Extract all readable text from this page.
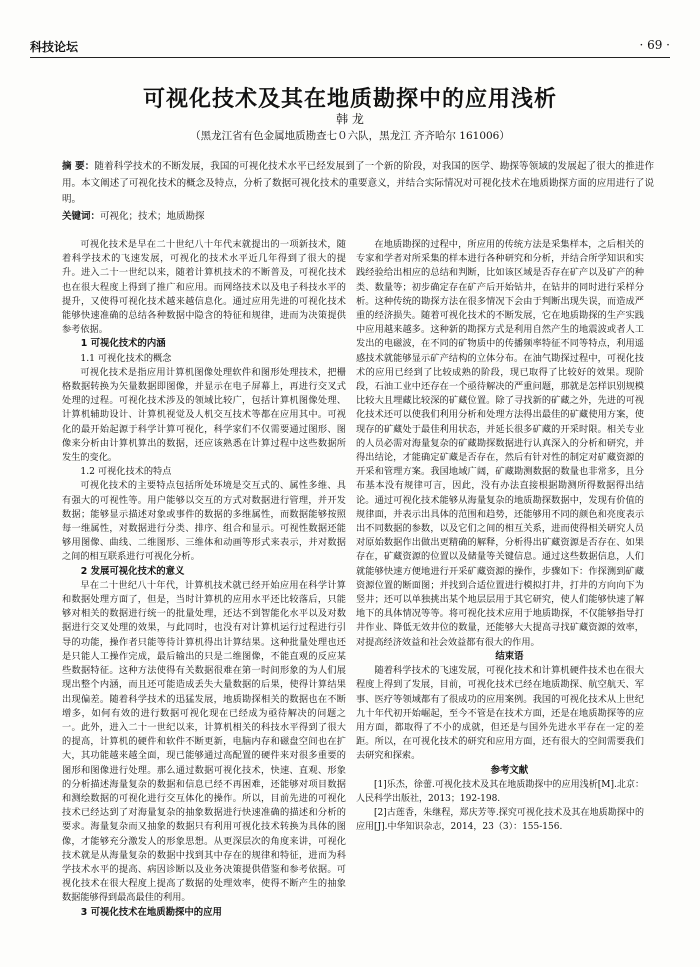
科技论坛	· 69 ·
可视化技术及其在地质勘探中的应用浅析
韩 龙
（黑龙江省有色金属地质勘查七０六队，黑龙江 齐齐哈尔 161006）
摘 要：随着科学技术的不断发展，我国的可视化技术水平已经发展到了一个新的阶段，对我国的医学、勘探等领域的发展起了很大的推进作用。本文阐述了可视化技术的概念及特点，分析了数据可视化技术的重要意义，并结合实际情况对可视化技术在地质勘探方面的应用进行了说明。
关键词：可视化；技术；地质勘探

可视化技术是早在二十世纪八十年代末就提出的一项新技术，随着科学技术的飞速发展，可视化的技术水平近几年得到了很大的提升。进入二十一世纪以来，随着计算机技术的不断普及，可视化技术也在很大程度上得到了推广和应用。而网络技术以及电子科技水平的提升，又使得可视化技术越来越信息化。通过应用先进的可视化技术能够快速准确的总结各种数据中隐含的特征和规律，进而为决策提供参考依据。

1 可视化技术的内涵

1.1 可视化技术的概念

可视化技术是指应用计算机图像处理软件和图形处理技术，把栅格数据转换为矢量数据即图像，并显示在电子屏幕上，再进行交叉式处理的过程。可视化技术涉及的领域比较广，包括计算机图像处理、计算机辅助设计、计算机视觉及人机交互技术等都在应用其中。可视化的最开始起源于科学计算可视化，科学家们不仅需要通过图形、图像来分析由计算机算出的数据，还应该熟悉在计算过程中这些数据所发生的变化。

1.2 可视化技术的特点

可视化技术的主要特点包括所处环境是交互式的、属性多维、具有强大的可视性等。用户能够以交互的方式对数据进行管理，并开发数据；能够显示描述对象或事件的数据的多维属性，而数据能够按照每一维属性，对数据进行分类、排序、组合和显示。可视性数据还能够用图像、曲线、二维图形、三维体和动画等形式来表示，并对数据之间的相互联系进行可视化分析。

2 发展可视化技术的意义

早在二十世纪八十年代，计算机技术就已经开始应用在科学计算和数据处理方面了，但是，当时计算机的应用水平还比较落后，只能够对相关的数据进行统一的批量处理，还达不到智能化水平以及对数据进行交叉处理的效果，与此同时，也没有对计算机运行过程进行引导的功能，操作者只能等待计算机得出计算结果。这种批量处理也还是只能人工操作完成，最后输出的只是二维图像，不能直观的反应某些数据特征。这种方法使得有关数据很难在第一时间形象的为人们展现出整个内涵，而且还可能造成丢失大量数据的后果，使得计算结果出现偏差。随着科学技术的迅猛发展，地质勘探相关的数据也在不断增多，如何有效的进行数据可视化现在已经成为亟待解决的问题之一。此外，进入二十一世纪以来，计算机相关的科技水平得到了很大的提高，计算机的硬件和软件不断更新，电脑内存和磁盘空间也在扩大，其功能越来越全面，现已能够通过高配置的硬件来对很多重要的图形和图像进行处理。那么通过数据可视化技术，快速、直观、形象的分析描述海量复杂的数据和信息已经不再困难，还能够对项目数据和测绘数据的可视化进行交互体化的操作。所以，目前先进的可视化技术已经达到了对海量复杂的抽象数据进行快速准确的描述和分析的要求。海量复杂而又抽象的数据只有利用可视化技术转换为具体的图像，才能够充分激发人的形象思想。从更深层次的角度来讲，可视化技术就是从海量复杂的数据中找到其中存在的规律和特征，进而为科学技术水平的提高、病因诊断以及业务决策提供借鉴和参考依据。可视化技术在很大程度上提高了数据的处理效率，使得不断产生的抽象数据能够得到最高最佳的利用。

3 可视化技术在地质勘探中的应用

在地质勘探的过程中，所应用的传统方法是采集样本，之后相关的专家和学者对所采集的样本进行各种研究和分析，并结合所学知识和实践经验给出相应的总结和判断，比如该区域是否存在矿产以及矿产的种类、数量等；初步确定存在矿产后开始钻井，在钻井的同时进行采样分析。这种传统的勘探方法在很多情况下会由于判断出现失误，而造成严重的经济损失。随着可视化技术的不断发展，它在地质勘探的生产实践中应用越来越多。这种新的勘探方式是利用自然产生的地震波或者人工发出的电磁波，在不同的矿物质中的传播频率特征不同等特点，利用遥感技术就能够显示矿产结构的立体分布。在油气勘探过程中，可视化技术的应用已经到了比较成熟的阶段，现已取得了比较好的效果。现阶段，石油工业中还存在一个亟待解决的严重问题，那就是怎样识别规模比较大且埋藏比较深的矿藏位置。除了寻找新的矿藏之外，先进的可视化技术还可以使我们利用分析和处理方法得出最佳的矿藏使用方案，使现存的矿藏处于最佳利用状态，并延长很多矿藏的开采时限。相关专业的人员必需对海量复杂的矿藏勘探数据进行认真深入的分析和研究，并得出结论，才能确定矿藏是否存在，然后有针对性的制定对矿藏资源的开采和管理方案。我国地域广阔，矿藏勘测数据的数量也非常多，且分布基本没有规律可言，因此，没有办法直接根据勘测所得数据得出结论。通过可视化技术能够从海量复杂的地质勘探数据中，发现有价值的规律面，并表示出具体的范围和趋势，还能够用不同的颜色和亮度表示出不同数据的参数，以及它们之间的相互关系，进而使得相关研究人员对原始数据作出做出更精确的解释，分析得出矿藏资源是否存在、如果存在，矿藏资源的位置以及储量等关键信息。通过这些数据信息，人们就能够快速方便地进行开采矿藏资源的操作，步骤如下：作探测到矿藏资源位置的断面图；并找到合适位置进行模拟打井，打井的方向向下为竖井；还可以单独挑出某个地层层用于其它研究，使人们能够快速了解地下的具体情况等等。将可视化技术应用于地质勘探，不仅能够指导打井作业、降低无效井位的数量，还能够大大提高寻找矿藏资源的效率，对提高经济效益和社会效益都有很大的作用。

结束语

随着科学技术的飞速发展，可视化技术和计算机硬件技术也在很大程度上得到了发展，目前，可视化技术已经在地质勘探、航空航天、军事、医疗等领域都有了很成功的应用案例。我国的可视化技术从上世纪九十年代初开始崛起，至今不管是在技术方面，还是在地质勘探等的应用方面，都取得了不小的成就，但还是与国外先进水平存在一定的差距。所以，在可视化技术的研究和应用方面，还有很大的空间需要我们去研究和探索。

参考文献

[1]乐杰，徐蕾.可视化技术及其在地质勘探中的应用浅析[M].北京：人民科学出版社，2013；192-198.

[2]古莲香，朱继程，郑庆芳等.探究可视化技术及其在地质勘探中的应用[J].中华知识杂志，2014，23（3）：155-156.
